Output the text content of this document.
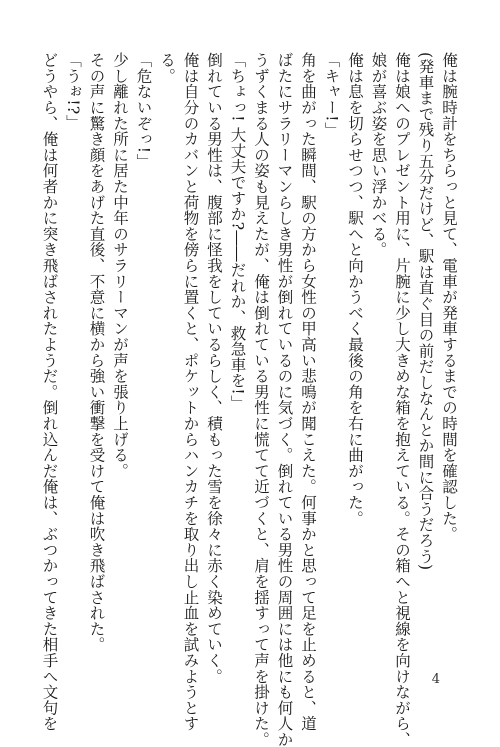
俺は腕時計をちらっと見て、電車が発車するまでの時間を確認した。
(発車まで残り五分だけど、駅は直ぐ目の前だしなんとか間に合うだろう)
俺は娘へのプレゼント用に、片腕に少し大きめな箱を抱えている。その箱へと視線を向けながら、
娘が喜ぶ姿を思い浮かべる。
俺は息を切らせつつ、駅へと向かうべく最後の角を右に曲がった。
「キャー!」
角を曲がった瞬間、駅の方から女性の甲高い悲鳴が聞こえた。何事かと思って足を止めると、道
ばたにサラリーマンらしき男性が倒れているのに気づく。倒れている男性の周囲には他にも何人か
うずくまる人の姿も見えたが、俺は倒れている男性に慌てて近づくと、肩を揺すって声を掛けた。
「ちょっ! 大丈夫ですか?――だれか、救急車を!」
倒れている男性は、腹部に怪我をしているらしく、積もった雪を徐々に赤く染めていく。
俺は自分のカバンと荷物を傍らに置くと、ポケットからハンカチを取り出し止血を試みようとす
る。
「危ないぞっ!」
少し離れた所に居た中年のサラリーマンが声を張り上げる。
その声に驚き顔をあげた直後、不意に横から強い衝撃を受けて俺は吹き飛ばされた。
「うぉ!?」
どうやら、俺は何者かに突き飛ばされたようだ。倒れ込んだ俺は、ぶつかってきた相手へ文句を	4
